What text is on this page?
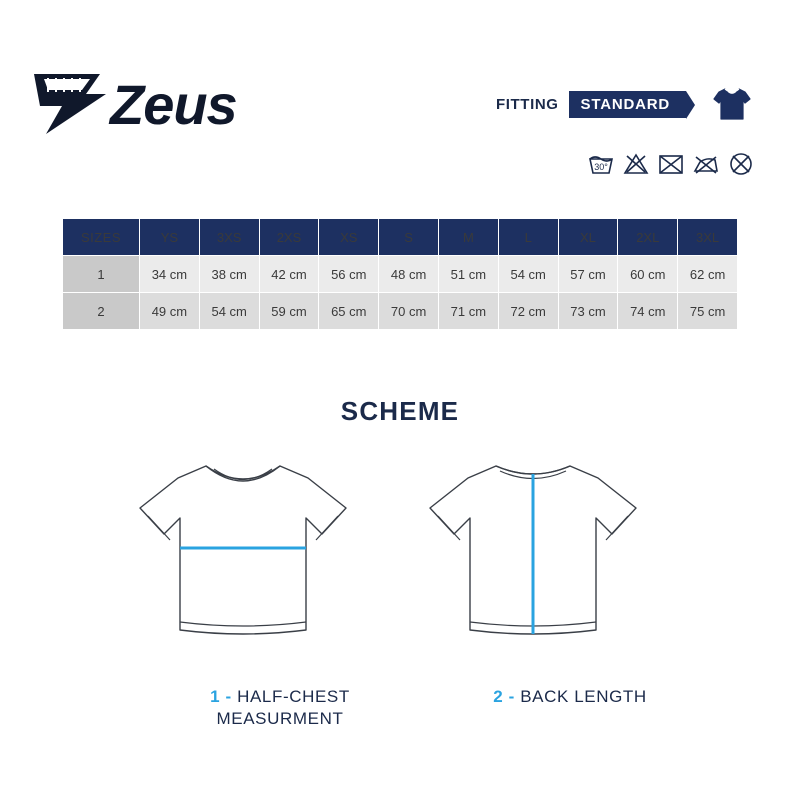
Zeus	FITTING	STANDARD
30°
SIZES	YS	3XS	2XS	XS	S	M	L	XL	2XL	3XL
1	34 cm	38 cm	42 cm	56 cm	48 cm	51 cm	54 cm	57 cm	60 cm	62 cm
2	49 cm	54 cm	59 cm	65 cm	70 cm	71 cm	72 cm	73 cm	74 cm	75 cm
SCHEME
1 - HALF-CHEST MEASURMENT
2 - BACK LENGTH
